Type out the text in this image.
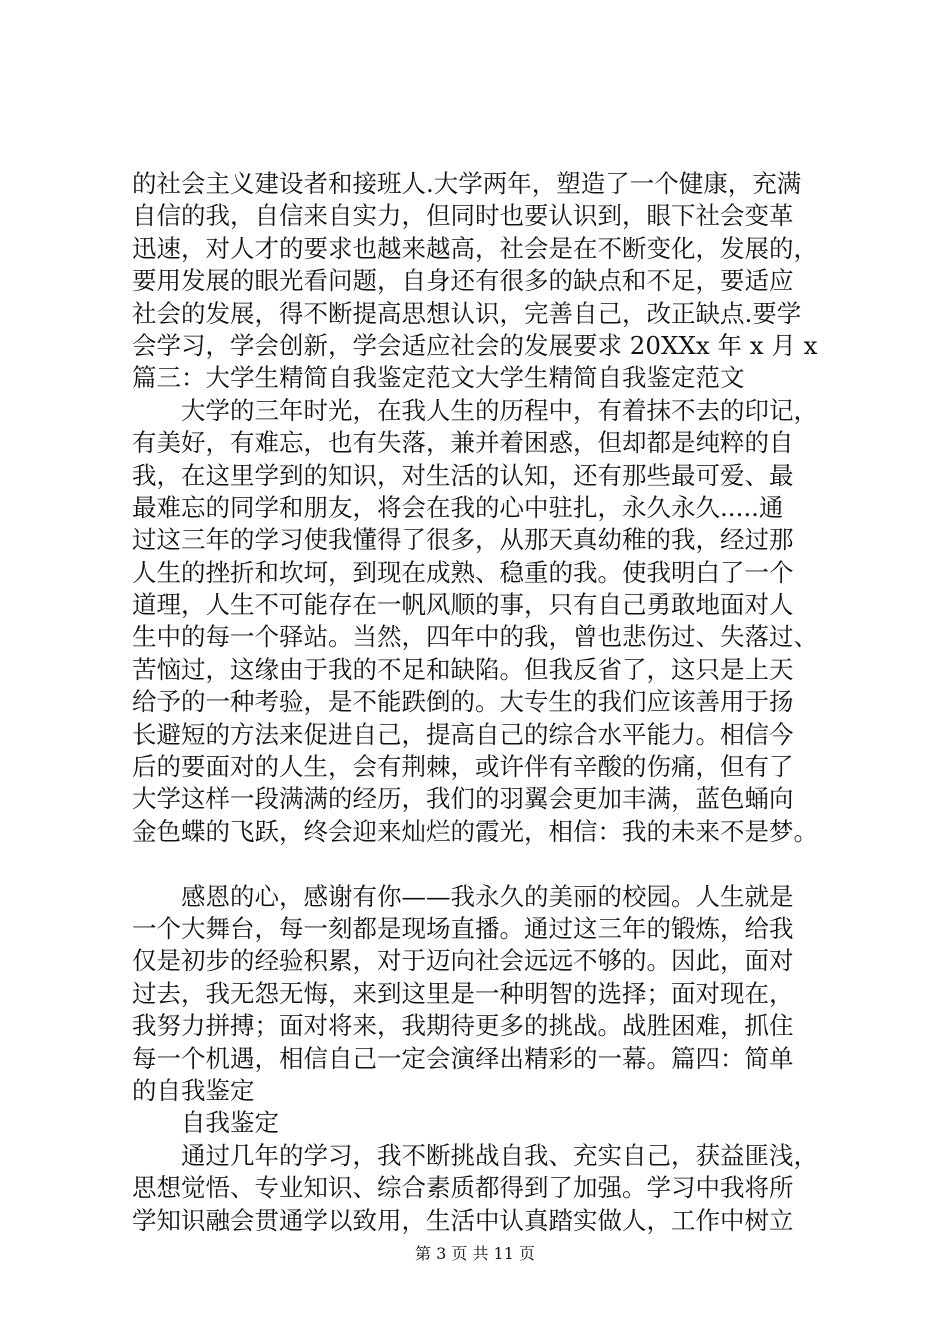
的社会主义建设者和接班人.大学两年，塑造了一个健康，充满
自信的我，自信来自实力，但同时也要认识到，眼下社会变革
迅速，对人才的要求也越来越高，社会是在不断变化，发展的，
要用发展的眼光看问题，自身还有很多的缺点和不足，要适应
社会的发展，得不断提高思想认识，完善自己，改正缺点.要学
会学习，学会创新，学会适应社会的发展要求 20XXx 年 x 月 x
篇三：大学生精简自我鉴定范文大学生精简自我鉴定范文
大学的三年时光，在我人生的历程中，有着抹不去的印记，
有美好，有难忘，也有失落，兼并着困惑，但却都是纯粹的自
我，在这里学到的知识，对生活的认知，还有那些最可爱、最
最难忘的同学和朋友，将会在我的心中驻扎，永久永久.....通
过这三年的学习使我懂得了很多，从那天真幼稚的我，经过那
人生的挫折和坎坷，到现在成熟、稳重的我。使我明白了一个
道理，人生不可能存在一帆风顺的事，只有自己勇敢地面对人
生中的每一个驿站。当然，四年中的我，曾也悲伤过、失落过、
苦恼过，这缘由于我的不足和缺陷。但我反省了，这只是上天
给予的一种考验，是不能跌倒的。大专生的我们应该善用于扬
长避短的方法来促进自己，提高自己的综合水平能力。相信今
后的要面对的人生，会有荆棘，或许伴有辛酸的伤痛，但有了
大学这样一段满满的经历，我们的羽翼会更加丰满，蓝色蛹向
金色蝶的飞跃，终会迎来灿烂的霞光，相信：我的未来不是梦。
感恩的心，感谢有你——我永久的美丽的校园。人生就是
一个大舞台，每一刻都是现场直播。通过这三年的锻炼，给我
仅是初步的经验积累，对于迈向社会远远不够的。因此，面对
过去，我无怨无悔，来到这里是一种明智的选择；面对现在，
我努力拼搏；面对将来，我期待更多的挑战。战胜困难，抓住
每一个机遇，相信自己一定会演绎出精彩的一幕。篇四：简单
的自我鉴定
自我鉴定
通过几年的学习，我不断挑战自我、充实自己，获益匪浅，
思想觉悟、专业知识、综合素质都得到了加强。学习中我将所
学知识融会贯通学以致用，生活中认真踏实做人，工作中树立
第 3 页 共 11 页
